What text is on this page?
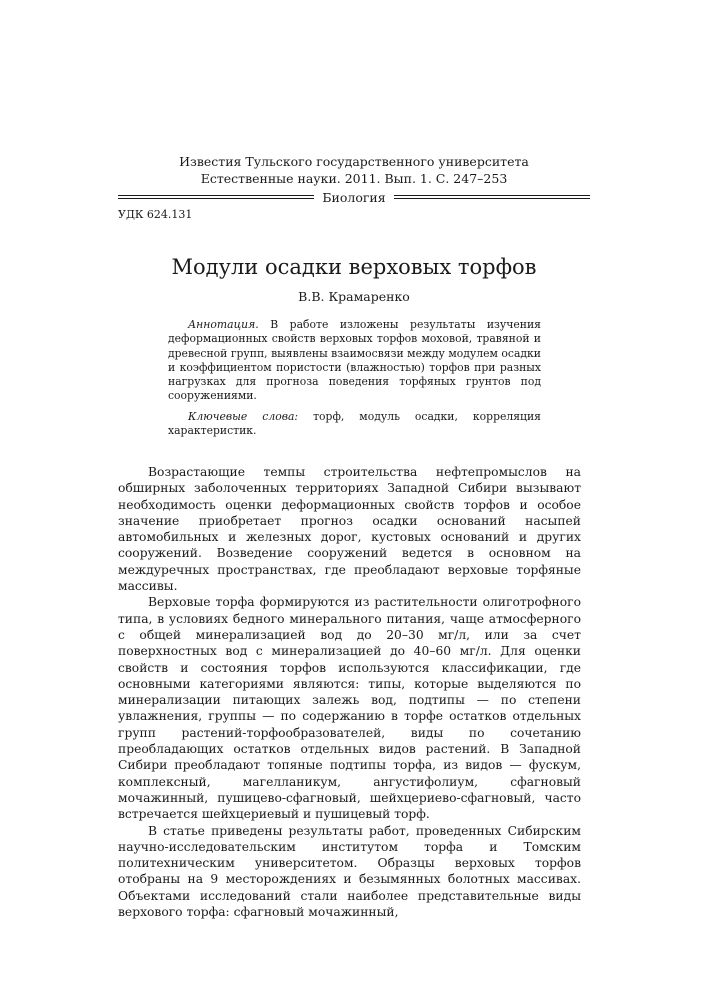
Известия Тульского государственного университета
Естественные науки. 2011. Вып. 1. С. 247–253
Биология
УДК 624.131
Модули осадки верховых торфов
В.В. Крамаренко

Аннотация. В работе изложены результаты изучения деформационных свойств верховых торфов моховой, травяной и древесной групп, выявлены взаимосвязи между модулем осадки и коэффициентом пористости (влажностью) торфов при разных нагрузках для прогноза поведения торфяных грунтов под сооружениями.

Ключевые слова: торф, модуль осадки, корреляция характеристик.

Возрастающие темпы строительства нефтепромыслов на обширных заболоченных территориях Западной Сибири вызывают необходимость оценки деформационных свойств торфов и особое значение приобретает прогноз осадки оснований насыпей автомобильных и железных дорог, кустовых оснований и других сооружений. Возведение сооружений ведется в основном на междуречных пространствах, где преобладают верховые торфяные массивы.

Верховые торфа формируются из растительности олиготрофного типа, в условиях бедного минерального питания, чаще атмосферного с общей минерализацией вод до 20–30 мг/л, или за счет поверхностных вод с минерализацией до 40–60 мг/л. Для оценки свойств и состояния торфов используются классификации, где основными категориями являются: типы, которые выделяются по минерализации питающих залежь вод, подтипы — по степени увлажнения, группы — по содержанию в торфе остатков отдельных групп растений-торфообразователей, виды по сочетанию преобладающих остатков отдельных видов растений. В Западной Сибири преобладают топяные подтипы торфа, из видов — фускум, комплексный, магелланикум, ангустифолиум, сфагновый мочажинный, пушицево-сфагновый, шейхцериево-сфагновый, часто встречается шейхцериевый и пушицевый торф.

В статье приведены результаты работ, проведенных Сибирским научно-исследовательским институтом торфа и Томским политехническим университетом. Образцы верховых торфов отобраны на 9 месторождениях и безымянных болотных массивах. Объектами исследований стали наиболее представительные виды верхового торфа: сфагновый мочажинный,
